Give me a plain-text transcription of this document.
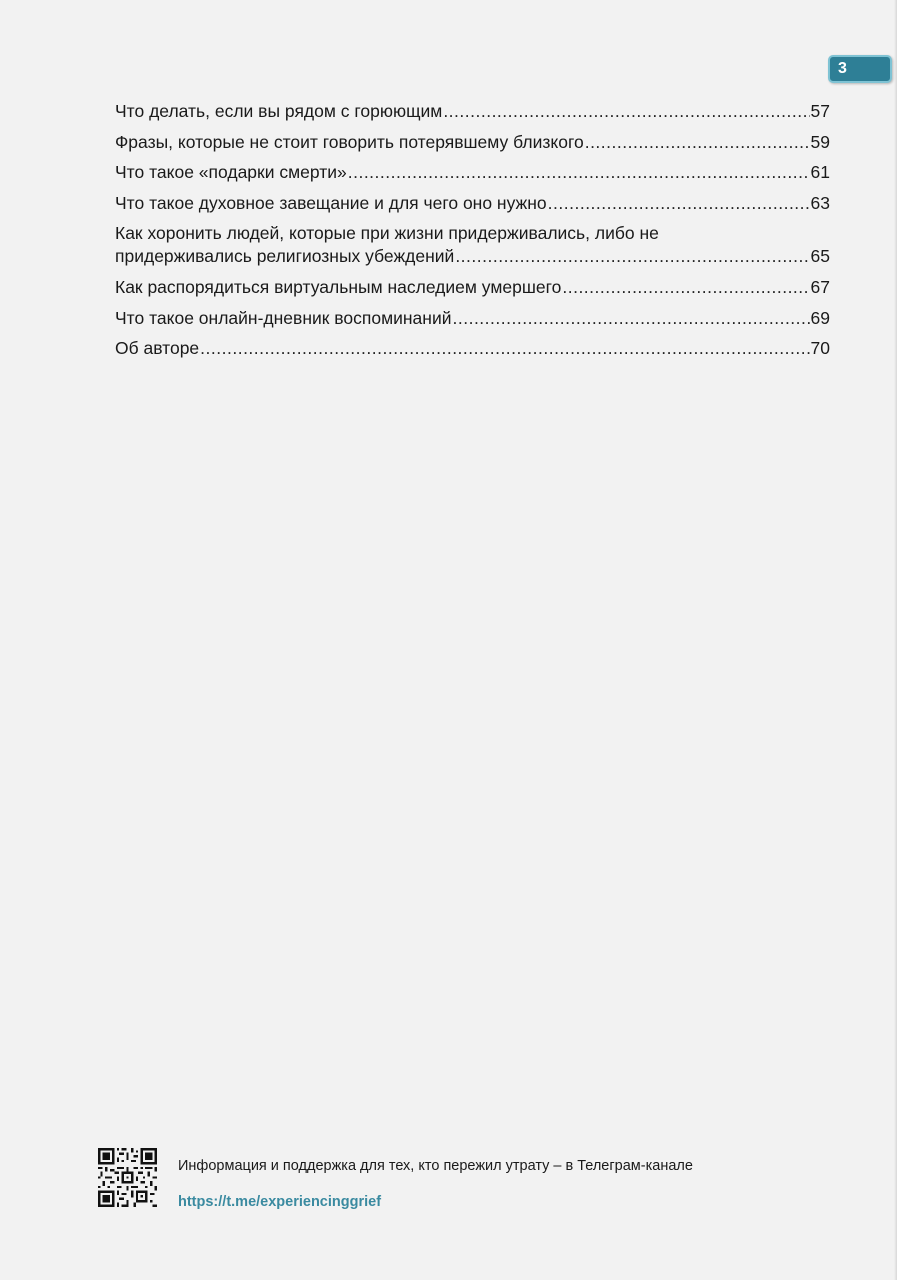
3
Что делать, если вы рядом с горюющим .....	57
Фразы, которые не стоит говорить потерявшему близкого .....	59
Что такое «подарки смерти» .....	61
Что такое духовное завещание и для чего оно нужно .....	63
Как хоронить людей, которые при жизни придерживались, либо не
придерживались религиозных убеждений .....	65
Как распорядиться виртуальным наследием умершего .....	67
Что такое онлайн-дневник воспоминаний .....	69
Об авторе .....	70
Информация и поддержка для тех, кто пережил утрату – в Телеграм-канале
https://t.me/experiencinggrief
